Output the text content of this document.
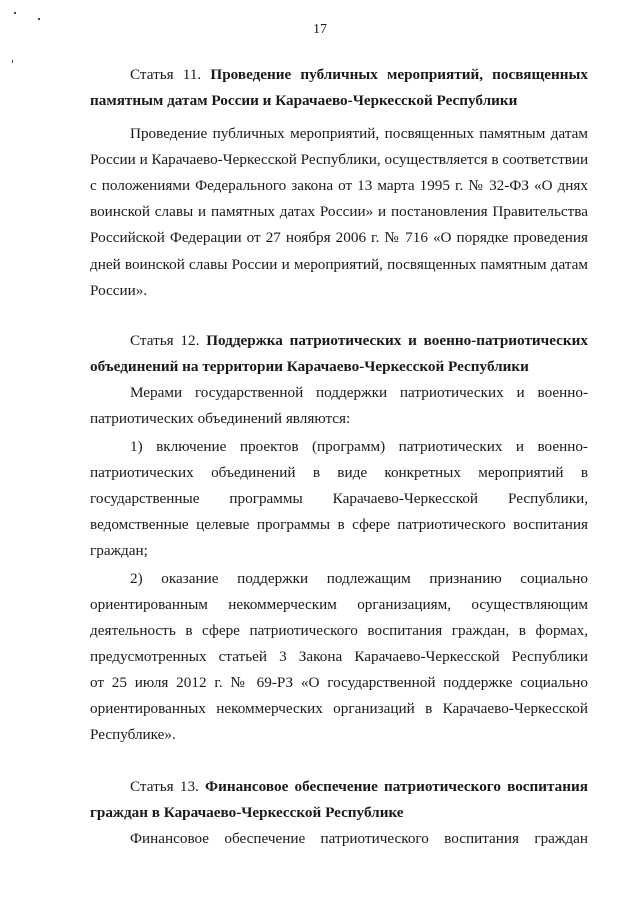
17
Статья 11. Проведение публичных мероприятий, посвященных
памятным датам России и Карачаево-Черкесской Республики
Проведение публичных мероприятий, посвященных памятным датам
России и Карачаево-Черкесской Республики, осуществляется в соответствии
с положениями Федерального закона от 13 марта 1995 г. № 32-ФЗ «О днях
воинской славы и памятных датах России» и постановления Правительства
Российской Федерации от 27 ноября 2006 г. № 716 «О порядке проведения
дней воинской славы России и мероприятий, посвященных памятным датам
России».
Статья 12. Поддержка патриотических и военно-патриотических
объединений на территории Карачаево-Черкесской Республики
Мерами государственной поддержки патриотических и военно-
патриотических объединений являются:
1) включение проектов (программ) патриотических и военно-
патриотических объединений в виде конкретных мероприятий в
государственные программы Карачаево-Черкесской Республики,
ведомственные целевые программы в сфере патриотического воспитания
граждан;
2) оказание поддержки подлежащим признанию социально
ориентированным некоммерческим организациям, осуществляющим
деятельность в сфере патриотического воспитания граждан, в формах,
предусмотренных статьей 3 Закона Карачаево-Черкесской Республики
от 25 июля 2012 г. № 69-РЗ «О государственной поддержке социально
ориентированных некоммерческих организаций в Карачаево-Черкесской
Республике».
Статья 13. Финансовое обеспечение патриотического воспитания
граждан в Карачаево-Черкесской Республике
Финансовое обеспечение патриотического воспитания граждан
